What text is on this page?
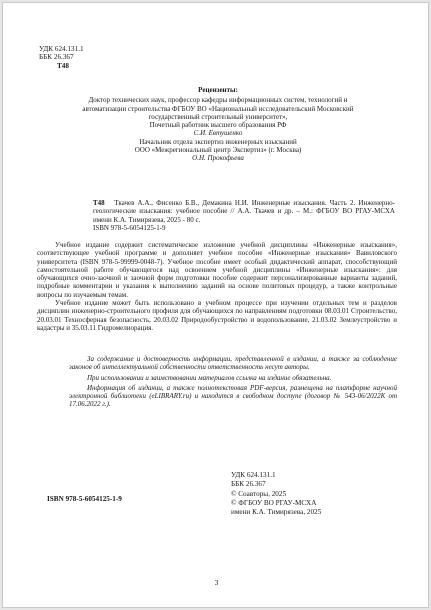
УДК 624.131.1
ББК 26.367
Т48
Рецензенты:
Доктор технических наук, профессор кафедры информационных систем, технологий и
автоматизации строительства ФГБОУ ВО «Национальный исследовательский Московский
государственный строительный университет»,
Почетный работник высшего образования РФ
С.И. Евтушенко
Начальник отдела экспертиз инженерных изысканий
ООО «Межрегиональный центр Экспертиз» (г. Москва)
О.Н. Прокофьева

Т48 Ткачев А.А., Фисенко Б.В., Демакина Н.И. Инженерные изыскания. Часть 2. Инженерно-геологические изыскания: учебное пособие // А.А. Ткачев и др. – М.: ФГБОУ ВО РГАУ-МСХА имени К.А. Тимирязева, 2025 - 80 с.

ISBN 978-5-6054125-1-9

Учебное издание содержит систематическое изложение учебной дисциплины «Инженерные изыскания», соответствующее учебной программе и дополняет учебное пособие «Инженерные изыскания» Вавиловского университета (ISBN 978-5-99999-0048-7). Учебное пособие имеет особый дидактический аппарат, способствующий самостоятельной работе обучающегося над освоением учебной дисциплины «Инженерные изыскания»: для обучающихся очно-заочной и заочной форм подготовки пособие содержит персонализированные варианты заданий, подробные комментарии и указания к выполнению заданий на основе политовых процедур, а также контрольные вопросы по изучаемым темам.

Учебное издание может быть использовано в учебном процессе при изучении отдельных тем и разделов дисциплин инженерно-строительного профиля для обучающихся по направлениям подготовки 08.03.01 Строительство, 20.03.01 Техносферная безопасность, 20.03.02 Природообустройство и водопользование, 21.03.02 Землеустройство и кадастры и 35.03.11 Гидромелиорация.

За содержание и достоверность информации, представленной в издании, а также за соблюдение законов об интеллектуальной собственности ответственность несут авторы.

При использовании и заимствовании материалов ссылка на издание обязательна.

Информация об издании, а также полнотекстовая PDF-версия, размещена на платформе научной электронной библиотеки (eLIBRARY.ru) и находится в свободном доступе (договор № 543-06/2022К от 17.06.2022 г.).

ISBN 978-5-6054125-1-9
УДК 624.131.1
ББК 26.367
© Соавторы, 2025
© ФГБОУ ВО РГАУ-МСХА
имени К.А. Тимирязева, 2025
3
